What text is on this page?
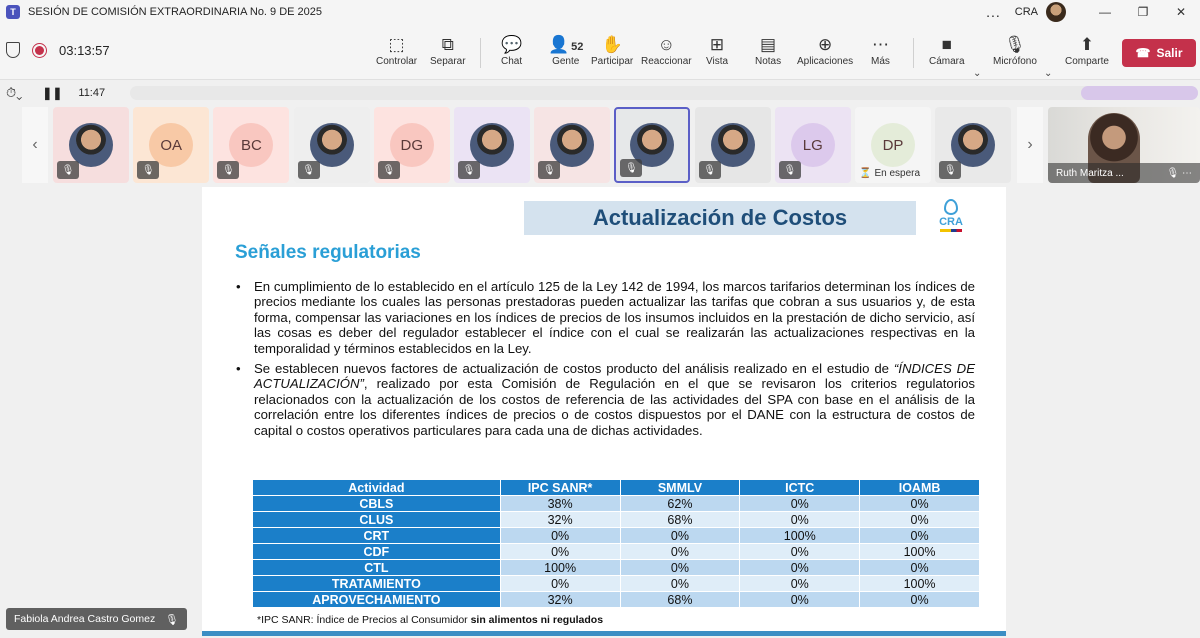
T	SESIÓN DE COMISIÓN EXTRAORDINARIA No. 9 DE 2025	... CRA	—	❐	✕
03:13:57	⬚
Controlar
⧉
Separar
💬
Chat
👤 52
Gente
✋
Participar
☺
Reaccionar
⊞
Vista
▤
Notas
⊕
Aplicaciones
⋯
Más
■
Cámara
⌄
🎙
Micrófono
⌄
⬆
Comparte
☎ Salir
⏱⌄ ❚❚ 11:47
‹
🎙
OA
🎙
BC
🎙	🎙
DG
🎙	🎙	🎙	🎙	🎙
LG
🎙
DP
⏳ En espera	🎙
›
Ruth Maritza ...	🎙 ⋯
Actualización de Costos	CRA
Señales regulatorias
• En cumplimiento de lo establecido en el artículo 125 de la Ley 142 de 1994, los marcos tarifarios determinan los índices de precios mediante los cuales las personas prestadoras pueden actualizar las tarifas que cobran a sus usuarios y, de esta forma, compensar las variaciones en los índices de precios de los insumos incluidos en la prestación de dicho servicio, así las cosas es deber del regulador establecer el índice con el cual se realizarán las actualizaciones respectivas en la temporalidad y términos establecidos en la Ley.
• Se establecen nuevos factores de actualización de costos producto del análisis realizado en el estudio de “ÍNDICES DE ACTUALIZACIÓN”, realizado por esta Comisión de Regulación en el que se revisaron los criterios regulatorios relacionados con la actualización de los costos de referencia de las actividades del SPA con base en el análisis de la correlación entre los diferentes índices de precios o de costos dispuestos por el DANE con la estructura de costos de capital o costos operativos particulares para cada una de dichas actividades.
Actividad	IPC SANR*	SMMLV	ICTC	IOAMB
CBLS	38%	62%	0%	0%
CLUS	32%	68%	0%	0%
CRT	0%	0%	100%	0%
CDF	0%	0%	0%	100%
CTL	100%	0%	0%	0%
TRATAMIENTO	0%	0%	0%	100%
APROVECHAMIENTO	32%	68%	0%	0%
*IPC SANR: Índice de Precios al Consumidor sin alimentos ni regulados
Fabiola Andrea Castro Gomez 🎙
